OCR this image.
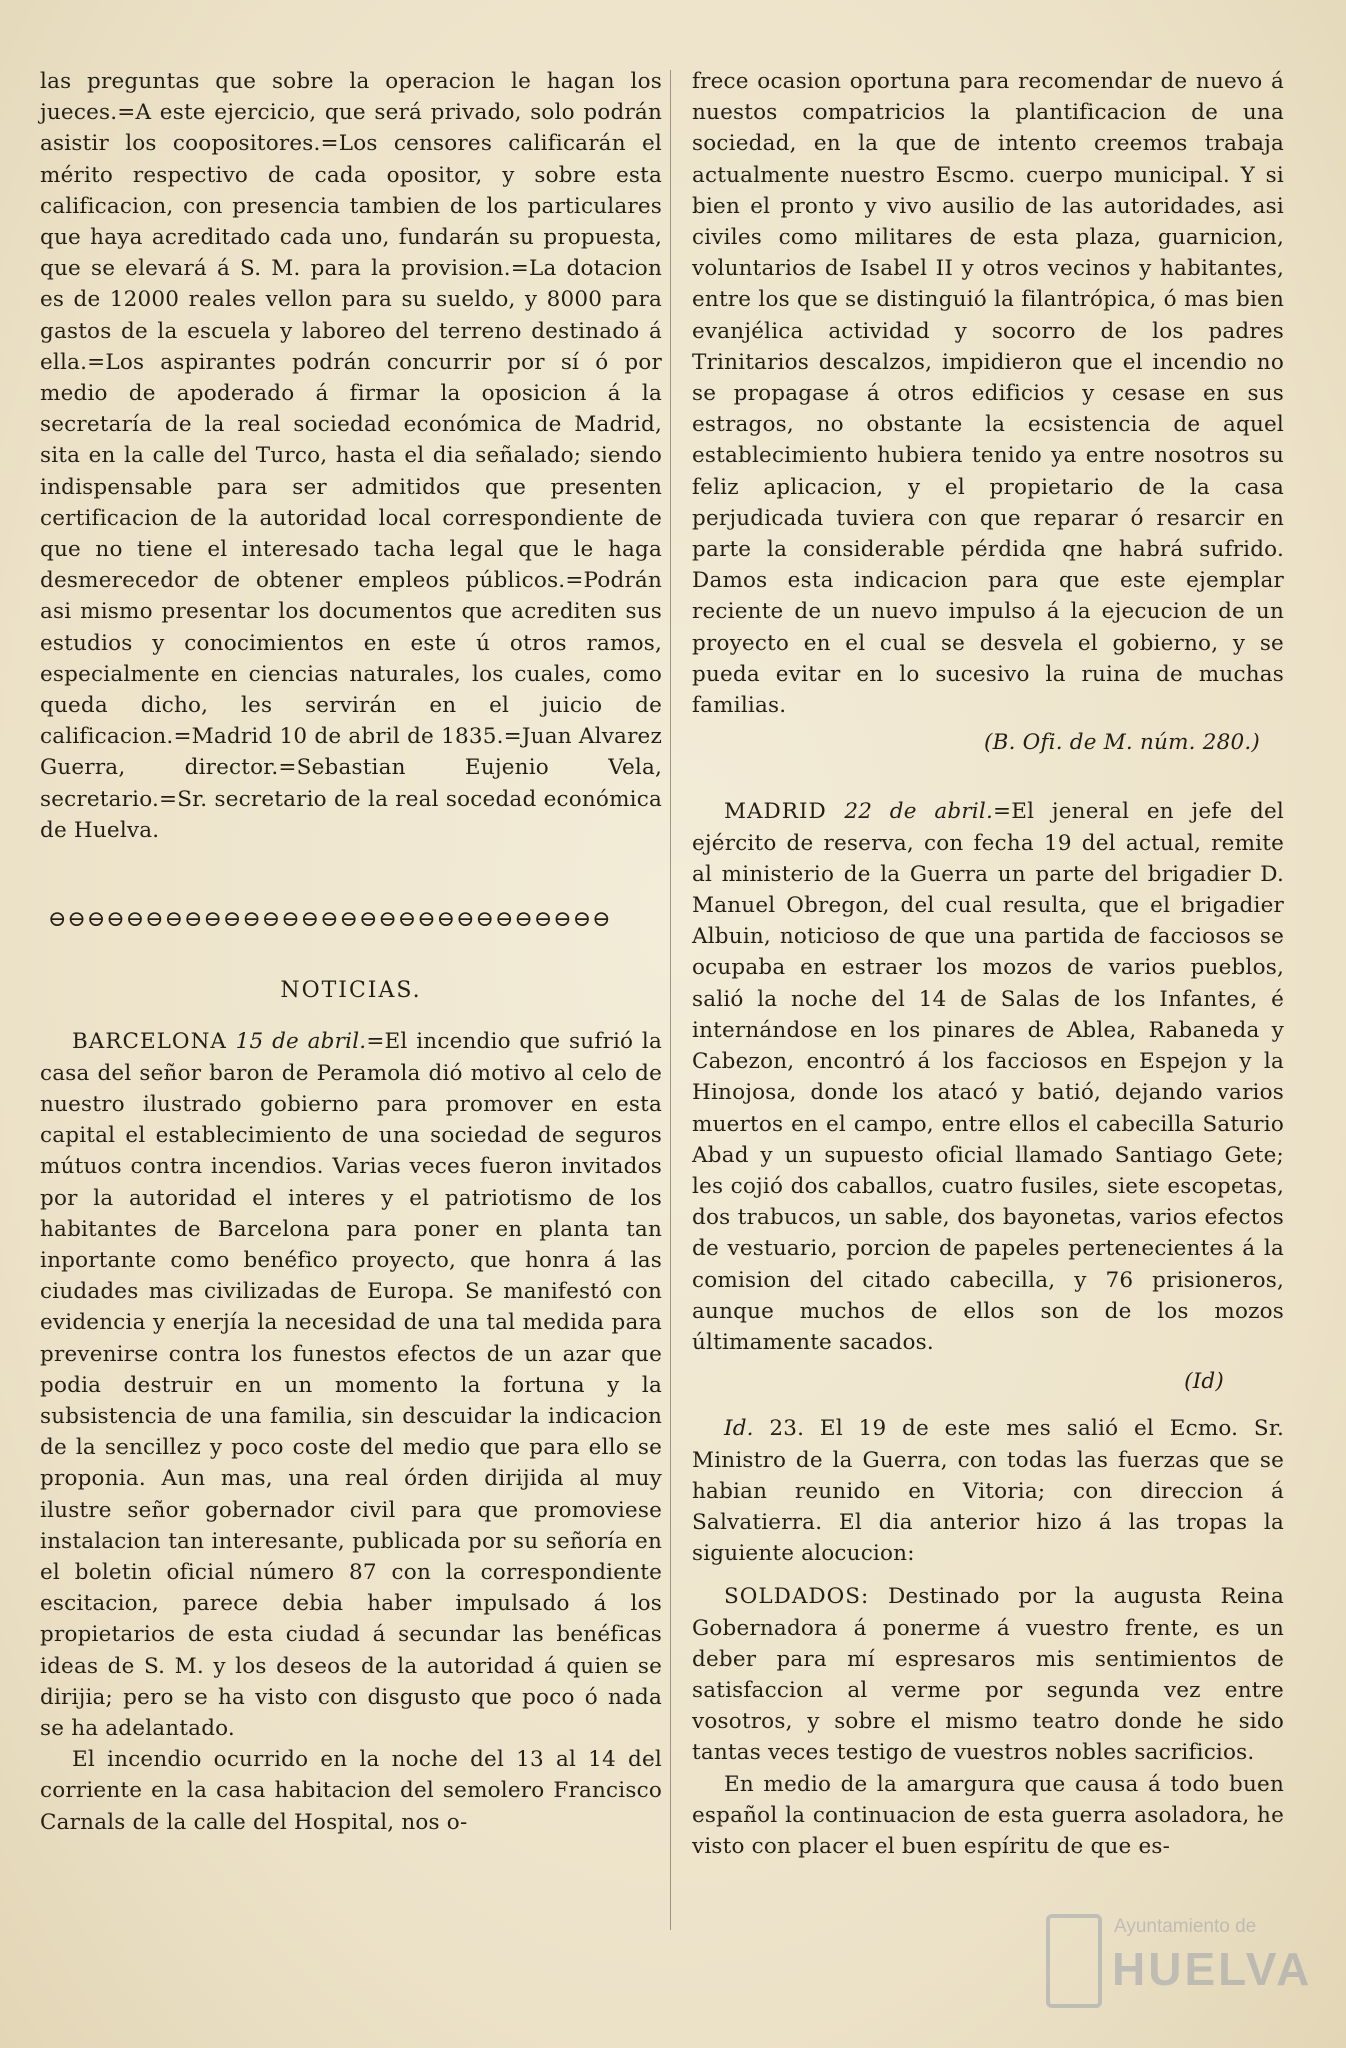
las preguntas que sobre la operacion le hagan los jueces.=A este ejercicio, que será privado, solo podrán asistir los coopositores.=Los censores calificarán el mérito respectivo de cada opositor, y sobre esta calificacion, con presencia tambien de los particulares que haya acreditado cada uno, fundarán su propuesta, que se elevará á S. M. para la provision.=La dotacion es de 12000 reales vellon para su sueldo, y 8000 para gastos de la escuela y laboreo del terreno destinado á ella.=Los aspirantes podrán concurrir por sí ó por medio de apoderado á firmar la oposicion á la secretaría de la real sociedad económica de Madrid, sita en la calle del Turco, hasta el dia señalado; siendo indispensable para ser admitidos que presenten certificacion de la autoridad local correspondiente de que no tiene el interesado tacha legal que le haga desmerecedor de obtener empleos públicos.=Podrán asi mismo presentar los documentos que acrediten sus estudios y conocimientos en este ú otros ramos, especialmente en ciencias naturales, los cuales, como queda dicho, les servirán en el juicio de calificacion.=Madrid 10 de abril de 1835.=Juan Alvarez Guerra, director.=Sebastian Eujenio Vela, secretario.=Sr. secretario de la real socedad económica de Huelva.

⊖⊖⊖⊖⊖⊖⊖⊖⊖⊖⊖⊖⊖⊖⊖⊖⊖⊖⊖⊖⊖⊖⊖⊖⊖⊖⊖⊖⊖
NOTICIAS.

BARCELONA 15 de abril.=El incendio que sufrió la casa del señor baron de Peramola dió motivo al celo de nuestro ilustrado gobierno para promover en esta capital el establecimiento de una sociedad de seguros mútuos contra incendios. Varias veces fueron invitados por la autoridad el interes y el patriotismo de los habitantes de Barcelona para poner en planta tan inportante como benéfico proyecto, que honra á las ciudades mas civilizadas de Europa. Se manifestó con evidencia y enerjía la necesidad de una tal medida para prevenirse contra los funestos efectos de un azar que podia destruir en un momento la fortuna y la subsistencia de una familia, sin descuidar la indicacion de la sencillez y poco coste del medio que para ello se proponia. Aun mas, una real órden dirijida al muy ilustre señor gobernador civil para que promoviese instalacion tan interesante, publicada por su señoría en el boletin oficial número 87 con la correspondiente escitacion, parece debia haber impulsado á los propietarios de esta ciudad á secundar las benéficas ideas de S. M. y los deseos de la autoridad á quien se dirijia; pero se ha visto con disgusto que poco ó nada se ha adelantado.

El incendio ocurrido en la noche del 13 al 14 del corriente en la casa habitacion del semolero Francisco Carnals de la calle del Hospital, nos o-

frece ocasion oportuna para recomendar de nuevo á nuestos compatricios la plantificacion de una sociedad, en la que de intento creemos trabaja actualmente nuestro Escmo. cuerpo municipal. Y si bien el pronto y vivo ausilio de las autoridades, asi civiles como militares de esta plaza, guarnicion, voluntarios de Isabel II y otros vecinos y habitantes, entre los que se distinguió la filantrópica, ó mas bien evanjélica actividad y socorro de los padres Trinitarios descalzos, impidieron que el incendio no se propagase á otros edificios y cesase en sus estragos, no obstante la ecsistencia de aquel establecimiento hubiera tenido ya entre nosotros su feliz aplicacion, y el propietario de la casa perjudicada tuviera con que reparar ó resarcir en parte la considerable pérdida qne habrá sufrido. Damos esta indicacion para que este ejemplar reciente de un nuevo impulso á la ejecucion de un proyecto en el cual se desvela el gobierno, y se pueda evitar en lo sucesivo la ruina de muchas familias.

(B. Ofi. de M. núm. 280.)

MADRID 22 de abril.=El jeneral en jefe del ejército de reserva, con fecha 19 del actual, remite al ministerio de la Guerra un parte del brigadier D. Manuel Obregon, del cual resulta, que el brigadier Albuin, noticioso de que una partida de facciosos se ocupaba en estraer los mozos de varios pueblos, salió la noche del 14 de Salas de los Infantes, é internándose en los pinares de Ablea, Rabaneda y Cabezon, encontró á los facciosos en Espejon y la Hinojosa, donde los atacó y batió, dejando varios muertos en el campo, entre ellos el cabecilla Saturio Abad y un supuesto oficial llamado Santiago Gete; les cojió dos caballos, cuatro fusiles, siete escopetas, dos trabucos, un sable, dos bayonetas, varios efectos de vestuario, porcion de papeles pertenecientes á la comision del citado cabecilla, y 76 prisioneros, aunque muchos de ellos son de los mozos últimamente sacados.

(Id)

Id. 23. El 19 de este mes salió el Ecmo. Sr. Ministro de la Guerra, con todas las fuerzas que se habian reunido en Vitoria; con direccion á Salvatierra. El dia anterior hizo á las tropas la siguiente alocucion:

SOLDADOS: Destinado por la augusta Reina Gobernadora á ponerme á vuestro frente, es un deber para mí espresaros mis sentimientos de satisfaccion al verme por segunda vez entre vosotros, y sobre el mismo teatro donde he sido tantas veces testigo de vuestros nobles sacrificios.

En medio de la amargura que causa á todo buen español la continuacion de esta guerra asoladora, he visto con placer el buen espíritu de que es-

Ayuntamiento de
HUELVA
